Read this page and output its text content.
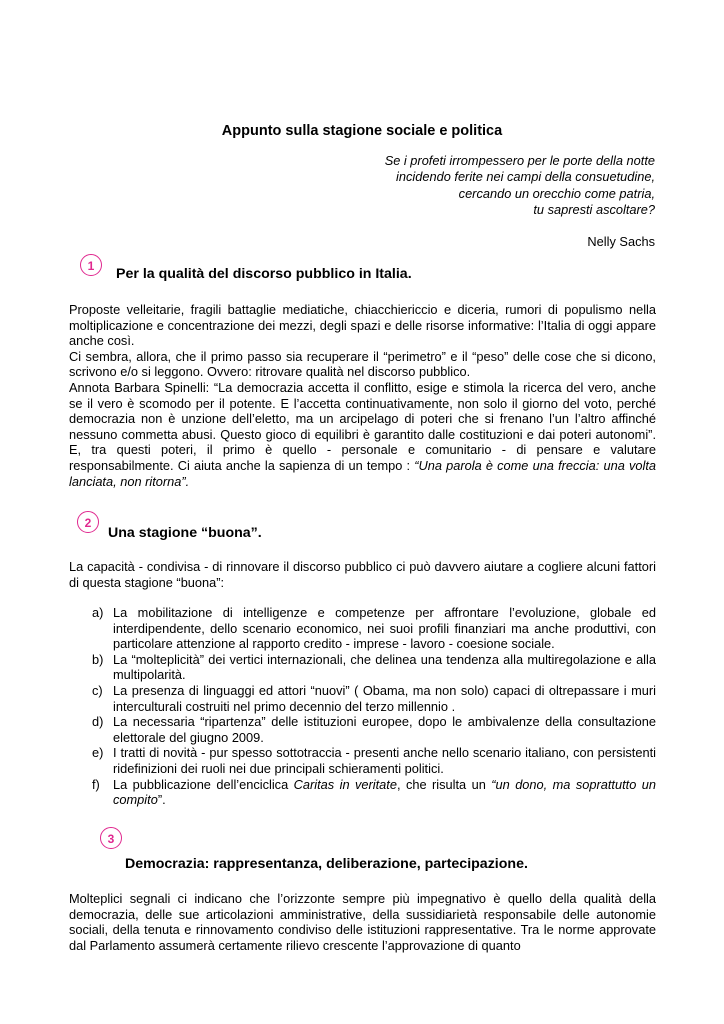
Appunto sulla stagione sociale e politica
Se i profeti irrompessero per le porte della notte
incidendo ferite nei campi della consuetudine,
cercando un orecchio come patria,
tu sapresti ascoltare?
Nelly Sachs
1	Per la qualità del discorso pubblico in Italia.

Proposte velleitarie, fragili battaglie mediatiche, chiacchiericcio e diceria, rumori di populismo nella moltiplicazione e concentrazione dei mezzi, degli spazi e delle risorse informative: l’Italia di oggi appare anche così.

Ci sembra, allora, che il primo passo sia recuperare il “perimetro” e il “peso” delle cose che si dicono, scrivono e/o si leggono. Ovvero: ritrovare qualità nel discorso pubblico.

Annota Barbara Spinelli: “La democrazia accetta il conflitto, esige e stimola la ricerca del vero, anche se il vero è scomodo per il potente. E l’accetta continuativamente, non solo il giorno del voto, perché democrazia non è unzione dell’eletto, ma un arcipelago di poteri che si frenano l’un l’altro affinché nessuno commetta abusi. Questo gioco di equilibri è garantito dalle costituzioni e dai poteri autonomi”. E, tra questi poteri, il primo è quello - personale e comunitario - di pensare e valutare responsabilmente. Ci aiuta anche la sapienza di un tempo : “Una parola è come una freccia: una volta lanciata, non ritorna”.

2
Una stagione “buona”.
La capacità - condivisa - di rinnovare il discorso pubblico ci può davvero aiutare a cogliere alcuni fattori di questa stagione “buona”:
a) La mobilitazione di intelligenze e competenze per affrontare l’evoluzione, globale ed interdipendente, dello scenario economico, nei suoi profili finanziari ma anche produttivi, con particolare attenzione al rapporto credito - imprese - lavoro - coesione sociale.
b) La “molteplicità” dei vertici internazionali, che delinea una tendenza alla multiregolazione e alla multipolarità.
c) La presenza di linguaggi ed attori “nuovi” ( Obama, ma non solo) capaci di oltrepassare i muri interculturali costruiti nel primo decennio del terzo millennio .
d) La necessaria “ripartenza” delle istituzioni europee, dopo le ambivalenze della consultazione elettorale del giugno 2009.
e) I tratti di novità - pur spesso sottotraccia - presenti anche nello scenario italiano, con persistenti ridefinizioni dei ruoli nei due principali schieramenti politici.
f) La pubblicazione dell’enciclica Caritas in veritate, che risulta un “un dono, ma soprattutto un compito”.
3
Democrazia: rappresentanza, deliberazione, partecipazione.
Molteplici segnali ci indicano che l’orizzonte sempre più impegnativo è quello della qualità della democrazia, delle sue articolazioni amministrative, della sussidiarietà responsabile delle autonomie sociali, della tenuta e rinnovamento condiviso delle istituzioni rappresentative. Tra le norme approvate dal Parlamento assumerà certamente rilievo crescente l’approvazione di quanto
